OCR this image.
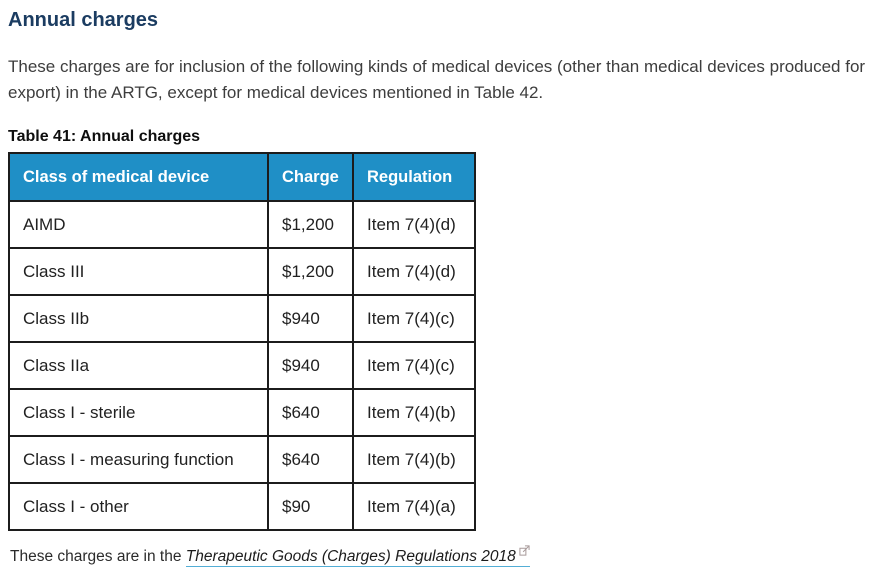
Annual charges

These charges are for inclusion of the following kinds of medical devices (other than medical devices produced for export) in the ARTG, except for medical devices mentioned in Table 42.

Table 41: Annual charges
Class of medical device	Charge	Regulation
AIMD	$1,200	Item 7(4)(d)
Class III	$1,200	Item 7(4)(d)
Class IIb	$940	Item 7(4)(c)
Class IIa	$940	Item 7(4)(c)
Class I - sterile	$640	Item 7(4)(b)
Class I - measuring function	$640	Item 7(4)(b)
Class I - other	$90	Item 7(4)(a)

These charges are in the Therapeutic Goods (Charges) Regulations 2018
